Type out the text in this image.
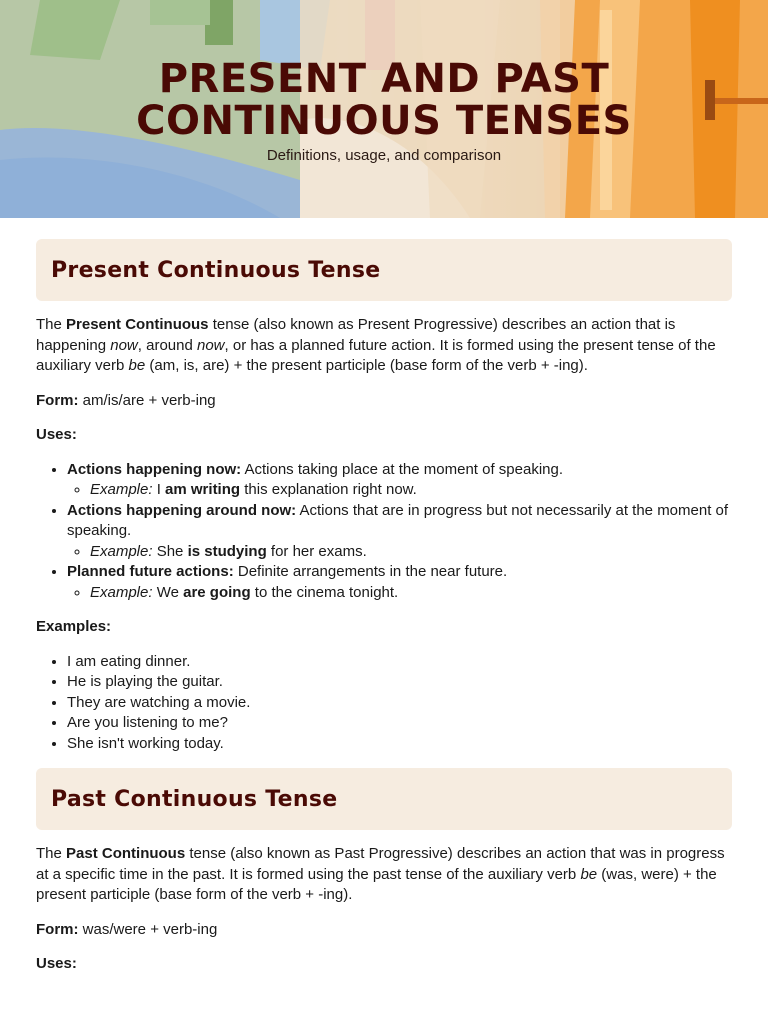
PRESENT AND PAST
CONTINUOUS TENSES

Definitions, usage, and comparison

Present Continuous Tense

The Present Continuous tense (also known as Present Progressive) describes an action that is happening now, around now, or has a planned future action. It is formed using the present tense of the auxiliary verb be (am, is, are) + the present participle (base form of the verb + -ing).

Form: am/is/are + verb-ing

Uses:

• Actions happening now: Actions taking place at the moment of speaking.
◦ Example: I am writing this explanation right now.
• Actions happening around now: Actions that are in progress but not necessarily at the moment of speaking.
◦ Example: She is studying for her exams.
• Planned future actions: Definite arrangements in the near future.
◦ Example: We are going to the cinema tonight.

Examples:

• I am eating dinner.
• He is playing the guitar.
• They are watching a movie.
• Are you listening to me?
• She isn't working today.
Past Continuous Tense

The Past Continuous tense (also known as Past Progressive) describes an action that was in progress at a specific time in the past. It is formed using the past tense of the auxiliary verb be (was, were) + the present participle (base form of the verb + -ing).

Form: was/were + verb-ing

Uses:
